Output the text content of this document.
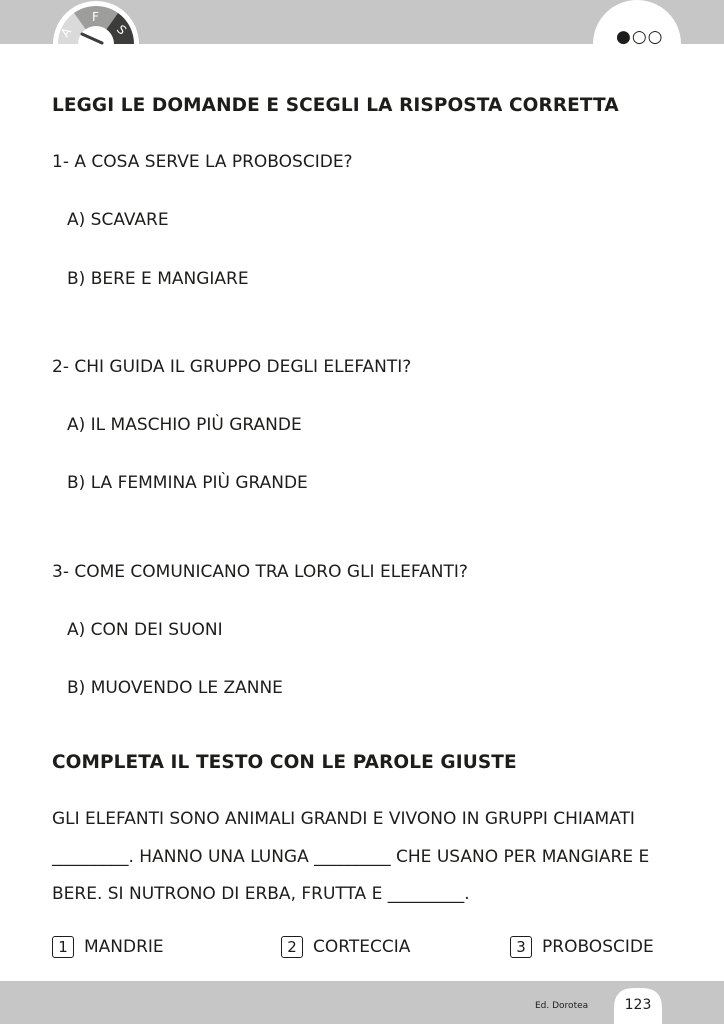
A
F
S	●○○
LEGGI LE DOMANDE E SCEGLI LA RISPOSTA CORRETTA
1- A COSA SERVE LA PROBOSCIDE?
A) SCAVARE
B) BERE E MANGIARE
2- CHI GUIDA IL GRUPPO DEGLI ELEFANTI?
A) IL MASCHIO PIÙ GRANDE
B) LA FEMMINA PIÙ GRANDE
3- COME COMUNICANO TRA LORO GLI ELEFANTI?
A) CON DEI SUONI
B) MUOVENDO LE ZANNE
COMPLETA IL TESTO CON LE PAROLE GIUSTE
GLI ELEFANTI SONO ANIMALI GRANDI E VIVONO IN GRUPPI CHIAMATI
_________. HANNO UNA LUNGA _________ CHE USANO PER MANGIARE E
BERE. SI NUTRONO DI ERBA, FRUTTA E _________.
1 MANDRIE	2 CORTECCIA	3 PROBOSCIDE
Ed. Dorotea	123
